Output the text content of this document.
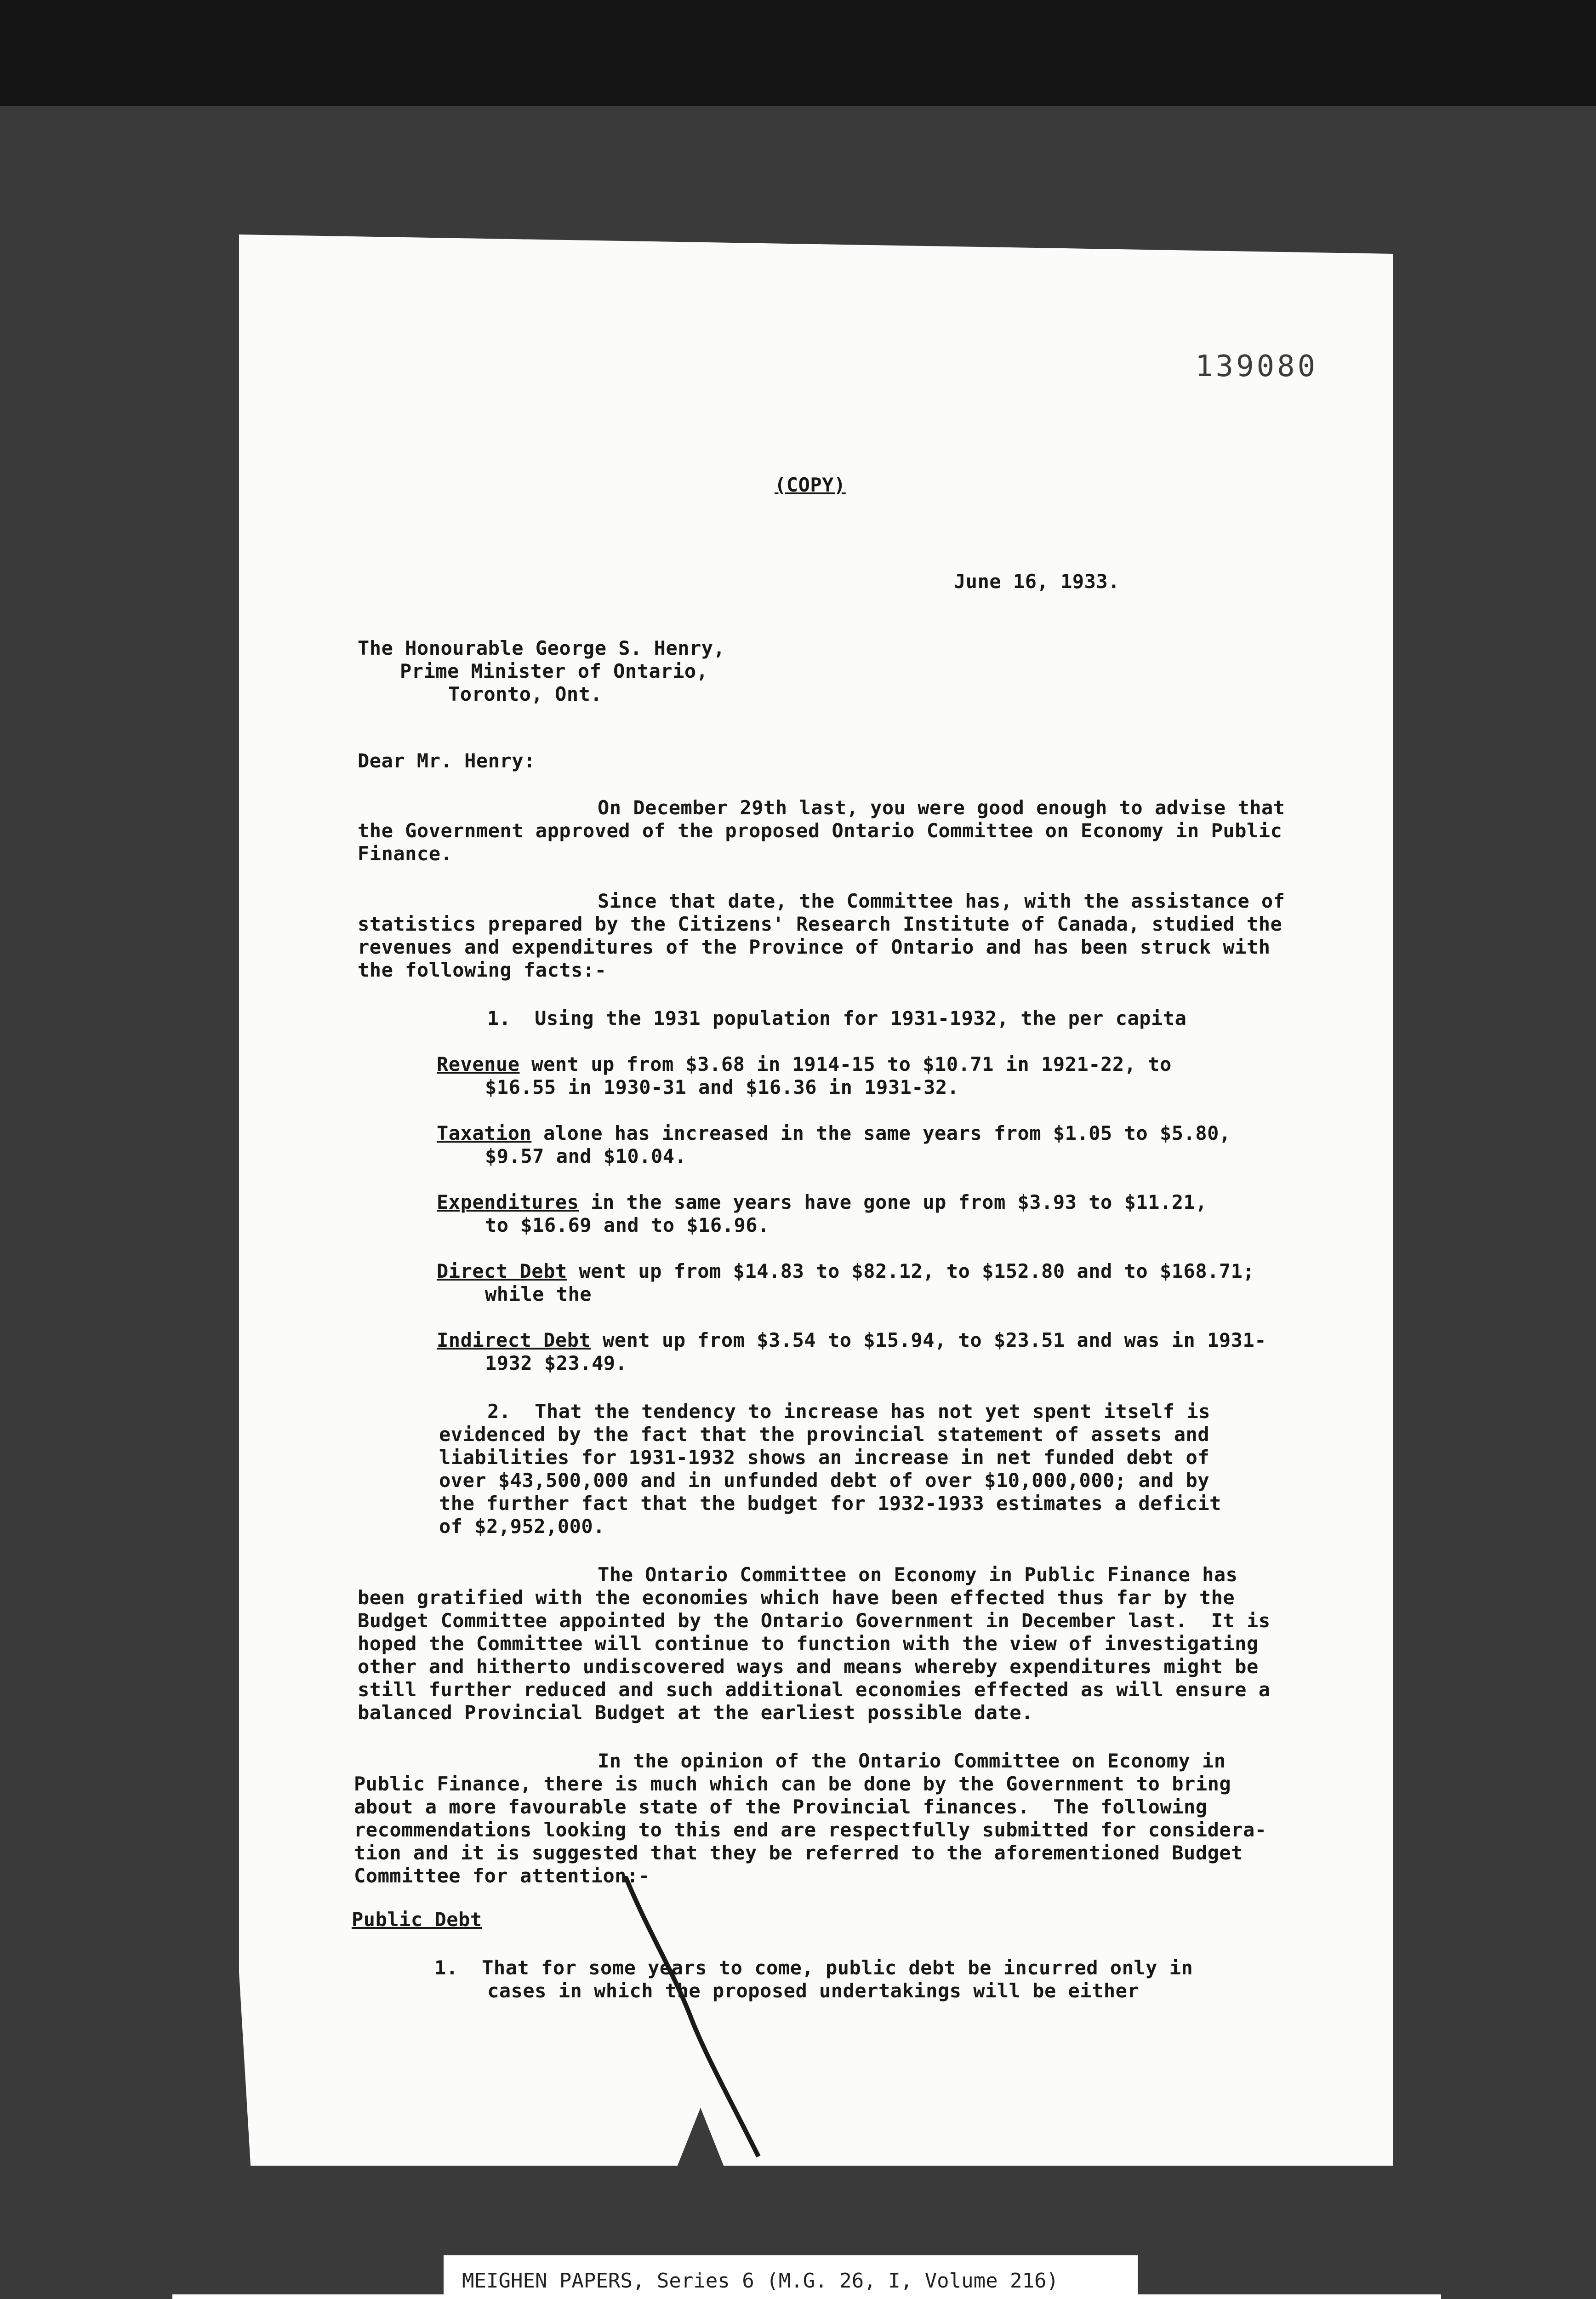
139080
(COPY)
June 16, 1933.
The Honourable George S. Henry,
Prime Minister of Ontario,
Toronto, Ont.
Dear Mr. Henry:
On December 29th last, you were good enough to advise that
the Government approved of the proposed Ontario Committee on Economy in Public
Finance.
Since that date, the Committee has, with the assistance of
statistics prepared by the Citizens' Research Institute of Canada, studied the
revenues and expenditures of the Province of Ontario and has been struck with
the following facts:-
1.  Using the 1931 population for 1931-1932, the per capita
Revenue went up from $3.68 in 1914-15 to $10.71 in 1921-22, to
$16.55 in 1930-31 and $16.36 in 1931-32.
Taxation alone has increased in the same years from $1.05 to $5.80,
$9.57 and $10.04.
Expenditures in the same years have gone up from $3.93 to $11.21,
to $16.69 and to $16.96.
Direct Debt went up from $14.83 to $82.12, to $152.80 and to $168.71;
while the
Indirect Debt went up from $3.54 to $15.94, to $23.51 and was in 1931-
1932 $23.49.
2.  That the tendency to increase has not yet spent itself is
evidenced by the fact that the provincial statement of assets and
liabilities for 1931-1932 shows an increase in net funded debt of
over $43,500,000 and in unfunded debt of over $10,000,000; and by
the further fact that the budget for 1932-1933 estimates a deficit
of $2,952,000.
The Ontario Committee on Economy in Public Finance has
been gratified with the economies which have been effected thus far by the
Budget Committee appointed by the Ontario Government in December last.  It is
hoped the Committee will continue to function with the view of investigating
other and hitherto undiscovered ways and means whereby expenditures might be
still further reduced and such additional economies effected as will ensure a
balanced Provincial Budget at the earliest possible date.
In the opinion of the Ontario Committee on Economy in
Public Finance, there is much which can be done by the Government to bring
about a more favourable state of the Provincial finances.  The following
recommendations looking to this end are respectfully submitted for considera-
tion and it is suggested that they be referred to the aforementioned Budget
Committee for attention:-
Public Debt
1.  That for some years to come, public debt be incurred only in
cases in which the proposed undertakings will be either
MEIGHEN PAPERS, Series 6 (M.G. 26, I, Volume 216)
